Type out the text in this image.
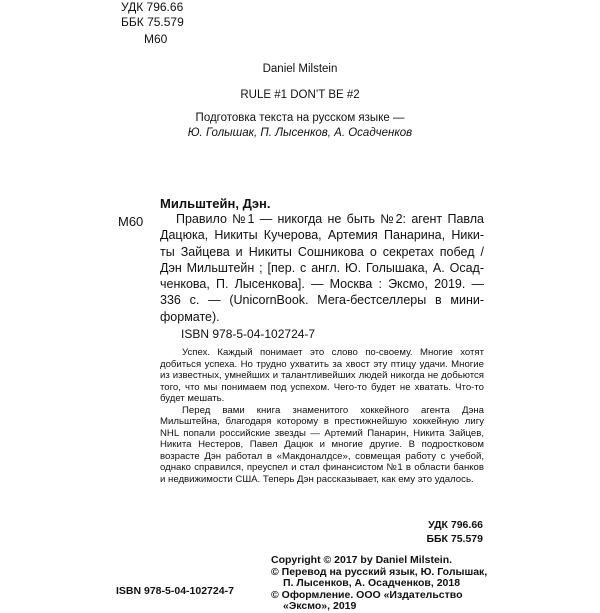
УДК 796.66
ББК 75.579
М60
Daniel Milstein
RULE #1 DON’T BE #2
Подготовка текста на русском языке —
Ю. Голышак, П. Лысенков, А. Осадченков
Мильштейн, Дэн.
М60	Правило №1 — никогда не быть №2: агент Павла
Дацюка, Никиты Кучерова, Артемия Панарина, Ники-
ты Зайцева и Никиты Сошникова о секретах побед /
Дэн Мильштейн ; [пер. с англ. Ю. Голышака, А. Осад-
ченкова, П. Лысенкова]. — Москва : Эксмо, 2019. —
336 с. — (UnicornBook. Мега-бестселлеры в мини-
формате).
ISBN 978-5-04-102724-7

Успех. Каждый понимает это слово по-своему. Многие хотят добиться успеха. Но трудно ухватить за хвост эту птицу удачи. Многие из известных, умнейших и талантливейших людей никогда не добьются того, что мы понимаем под успехом. Чего-то будет не хватать. Что-то будет мешать.

Перед вами книга знаменитого хоккейного агента Дэна Мильштейна, благодаря которому в престижнейшую хоккейную лигу NHL попали российские звезды — Артемий Панарин, Никита Зайцев, Никита Нестеров, Павел Дацюк и многие другие. В подростковом возрасте Дэн работал в «Макдоналдсе», совмещая работу с учебой, однако справился, преуспел и стал финансистом №1 в области банков и недвижимости США. Теперь Дэн рассказывает, как ему это удалось.

УДК 796.66
ББК 75.579
Copyright © 2017 by Daniel Milstein.
© Перевод на русский язык, Ю. Голышак,
П. Лысенков, А. Осадченков, 2018
© Оформление. ООО «Издательство
«Эксмо», 2019
ISBN 978-5-04-102724-7
